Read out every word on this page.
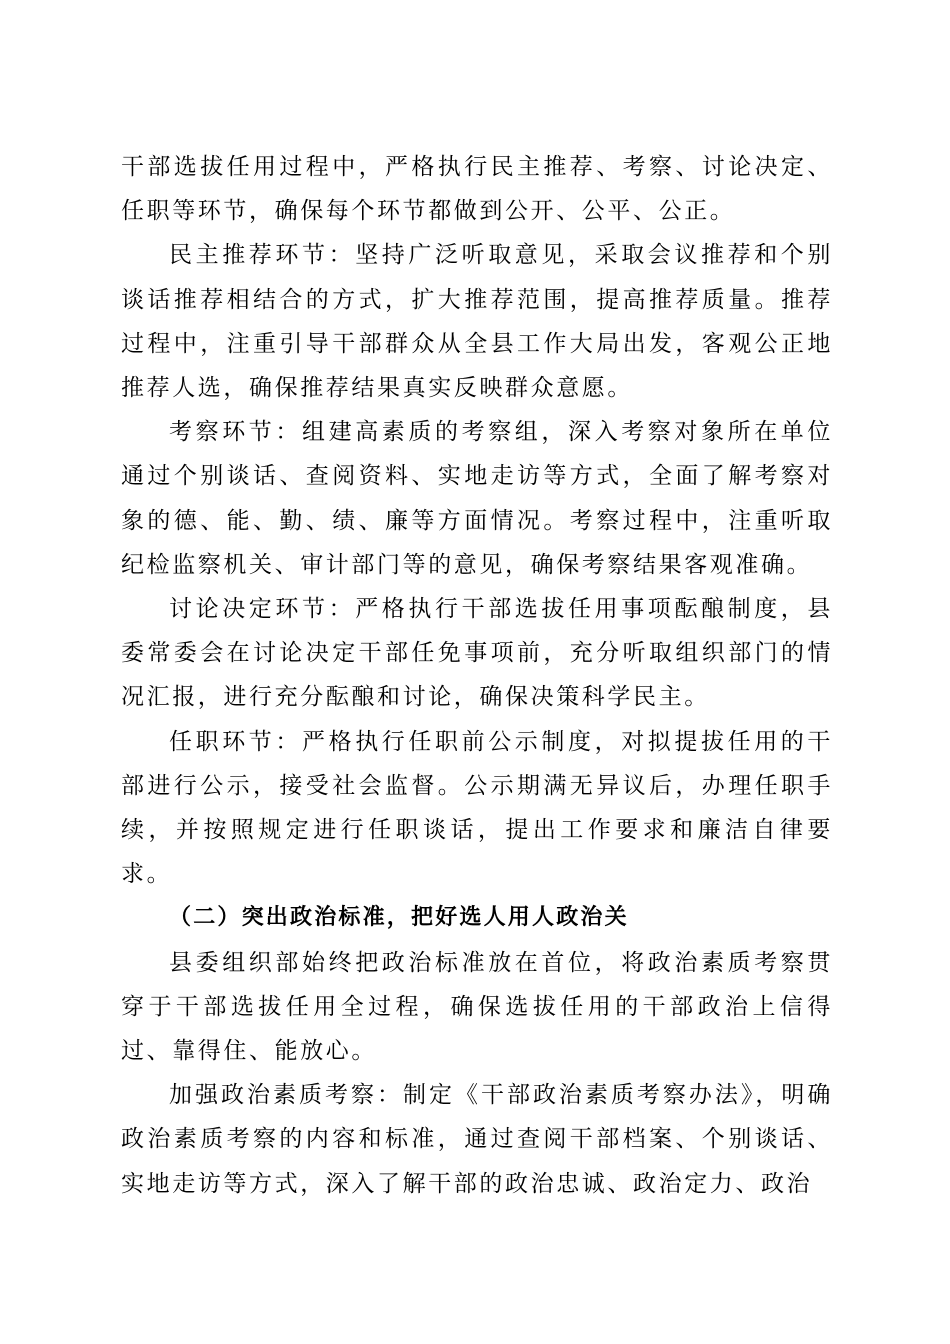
干部选拔任用过程中，严格执行民主推荐、考察、讨论决定、任职等环节，确保每个环节都做到公开、公平、公正。

民主推荐环节：坚持广泛听取意见，采取会议推荐和个别谈话推荐相结合的方式，扩大推荐范围，提高推荐质量。推荐过程中，注重引导干部群众从全县工作大局出发，客观公正地推荐人选，确保推荐结果真实反映群众意愿。

考察环节：组建高素质的考察组，深入考察对象所在单位通过个别谈话、查阅资料、实地走访等方式，全面了解考察对象的德、能、勤、绩、廉等方面情况。考察过程中，注重听取纪检监察机关、审计部门等的意见，确保考察结果客观准确。

讨论决定环节：严格执行干部选拔任用事项酝酿制度，县委常委会在讨论决定干部任免事项前，充分听取组织部门的情况汇报，进行充分酝酿和讨论，确保决策科学民主。

任职环节：严格执行任职前公示制度，对拟提拔任用的干部进行公示，接受社会监督。公示期满无异议后，办理任职手续，并按照规定进行任职谈话，提出工作要求和廉洁自律要求。

（二）突出政治标准，把好选人用人政治关

县委组织部始终把政治标准放在首位，将政治素质考察贯穿于干部选拔任用全过程，确保选拔任用的干部政治上信得过、靠得住、能放心。

加强政治素质考察：制定《干部政治素质考察办法》，明确政治素质考察的内容和标准，通过查阅干部档案、个别谈话、实地走访等方式，深入了解干部的政治忠诚、政治定力、政治
